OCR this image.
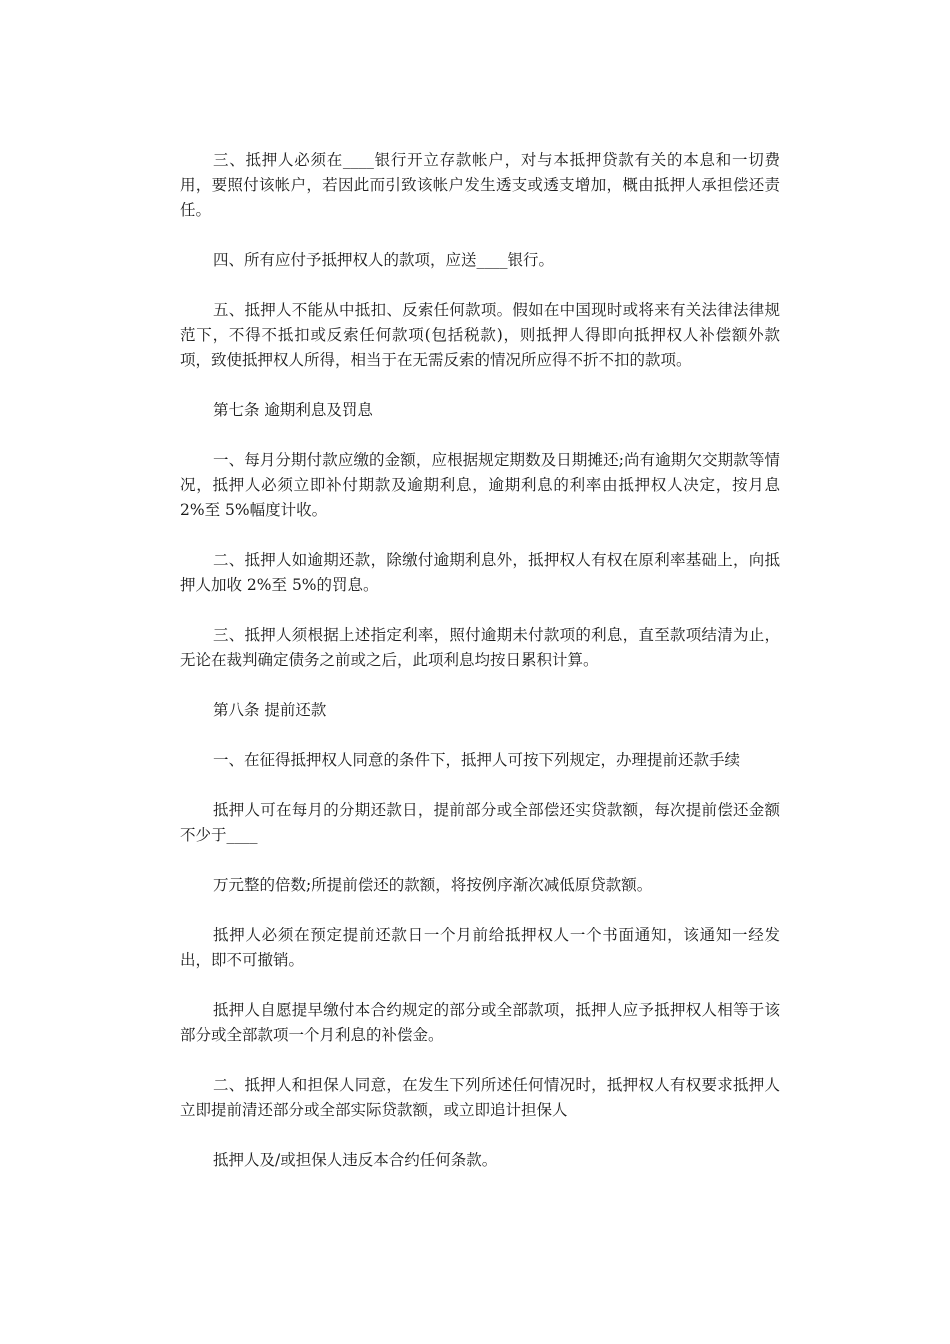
三、抵押人必须在____银行开立存款帐户，对与本抵押贷款有关的本息和一切费用，要照付该帐户，若因此而引致该帐户发生透支或透支增加，概由抵押人承担偿还责任。

四、所有应付予抵押权人的款项，应送____银行。

五、抵押人不能从中抵扣、反索任何款项。假如在中国现时或将来有关法律法律规范下，不得不抵扣或反索任何款项(包括税款)，则抵押人得即向抵押权人补偿额外款项，致使抵押权人所得，相当于在无需反索的情况所应得不折不扣的款项。

第七条 逾期利息及罚息

一、每月分期付款应缴的金额，应根据规定期数及日期摊还;尚有逾期欠交期款等情况，抵押人必须立即补付期款及逾期利息，逾期利息的利率由抵押权人决定，按月息 2%至 5%幅度计收。

二、抵押人如逾期还款，除缴付逾期利息外，抵押权人有权在原利率基础上，向抵押人加收 2%至 5%的罚息。

三、抵押人须根据上述指定利率，照付逾期未付款项的利息，直至款项结清为止，无论在裁判确定债务之前或之后，此项利息均按日累积计算。

第八条 提前还款

一、在征得抵押权人同意的条件下，抵押人可按下列规定，办理提前还款手续

抵押人可在每月的分期还款日，提前部分或全部偿还实贷款额，每次提前偿还金额不少于____

万元整的倍数;所提前偿还的款额，将按例序渐次减低原贷款额。

抵押人必须在预定提前还款日一个月前给抵押权人一个书面通知，该通知一经发出，即不可撤销。

抵押人自愿提早缴付本合约规定的部分或全部款项，抵押人应予抵押权人相等于该部分或全部款项一个月利息的补偿金。

二、抵押人和担保人同意，在发生下列所述任何情况时，抵押权人有权要求抵押人立即提前清还部分或全部实际贷款额，或立即追计担保人

抵押人及/或担保人违反本合约任何条款。
